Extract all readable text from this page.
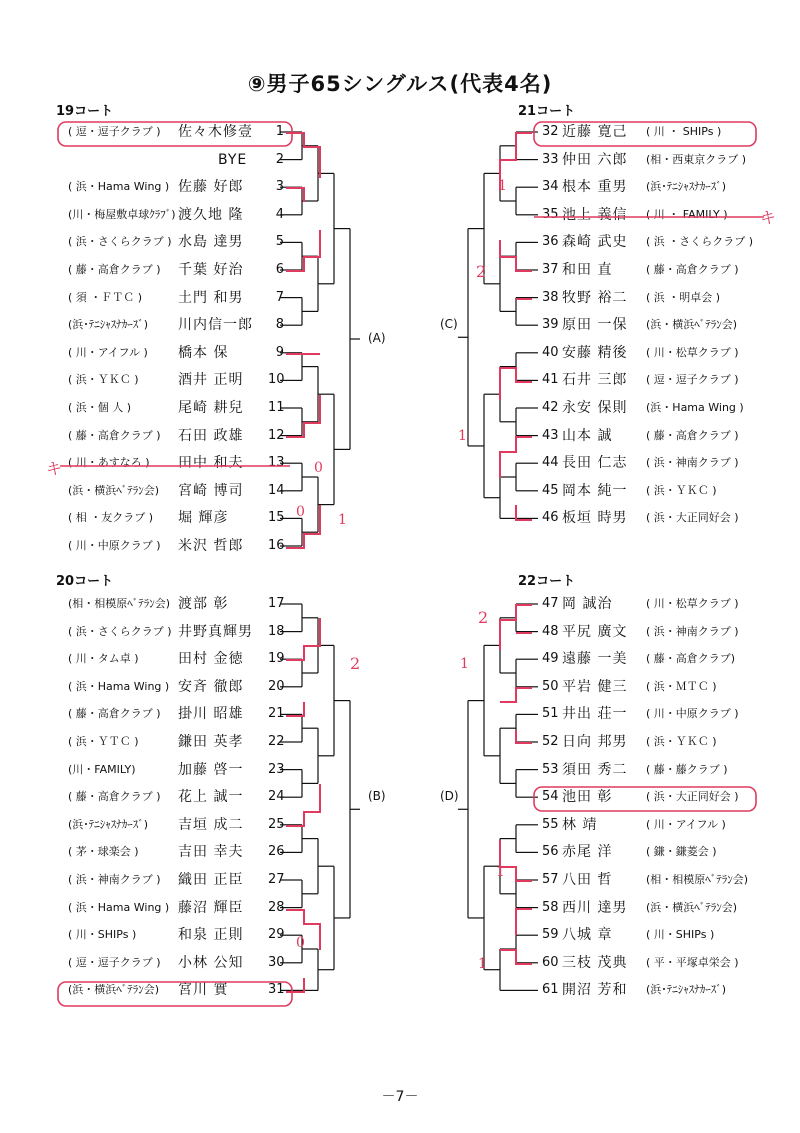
⑨男子65シングルス(代表4名)
19コート
( 逗・逗子クラブ ) 佐々木修壹	1
BYE	2
( 浜・Hama Wing ) 佐藤 好郎	3
(川・梅屋敷卓球ｸﾗﾌﾞ) 渡久地 隆	4
( 浜・さくらクラブ ) 水島 達男	5
( 藤・高倉クラブ ) 千葉 好治	6
( 須 ・ＦＴＣ )	土門 和男	7
(浜･ﾃﾆｼｬｽﾅｶｰｽﾞ) 川内信一郎	8
( 川・アイフル ) 橋本 保	9
( 浜・ＹＫＣ )	酒井 正明 10
( 浜・個 人 )	尾崎 耕兒 11
( 藤・高倉クラブ ) 石田 政雄 12
( 川・あすなろ ) 田中 和夫 13
(浜・横浜ﾍﾞﾃﾗﾝ会) 宮崎 博司 14
( 相 ・友クラブ ) 堀 輝彦	15
( 川・中原クラブ ) 米沢 哲郎 16
(A)
20コート
(相・相模原ﾍﾞﾃﾗﾝ会) 渡部 彰	17
( 浜・さくらクラブ ) 井野真輝男 18
( 川・タム卓 )	田村 金徳 19
( 浜・Hama Wing ) 安斉 徹郎 20
( 藤・高倉クラブ ) 掛川 昭雄 21
( 浜・ＹＴＣ )	鎌田 英孝 22
(川・FAMILY)	加藤 啓一 23
( 藤・高倉クラブ ) 花上 誠一 24
(浜･ﾃﾆｼｬｽﾅｶｰｽﾞ) 吉垣 成二 25
( 茅・球楽会 )	吉田 幸夫 26
( 浜・神南クラブ ) 織田 正臣 27
( 浜・Hama Wing ) 藤沼 輝臣 28
( 川・SHIPs )	和泉 正則 29
( 逗・逗子クラブ ) 小林 公知 30
(浜・横浜ﾍﾞﾃﾗﾝ会) 宮川 實	31
(B)
21コート
32 近藤 寛己 ( 川 ・ SHIPs )
33 仲田 六郎 (相・西東京クラブ )
34 根本 重男 (浜･ﾃﾆｼｬｽﾅｶｰｽﾞ)
35 池上 義信 ( 川 ・ FAMILY )
36 森崎 武史 ( 浜 ・さくらクラブ )
37 和田 直	( 藤・高倉クラブ )
38 牧野 裕二 ( 浜 ・明卓会 )
39 原田 一保 (浜・横浜ﾍﾞﾃﾗﾝ会)
40 安藤 精後 ( 川・松草クラブ )
41 石井 三郎 ( 逗・逗子クラブ )
42 永安 保則 (浜・Hama Wing )
43 山本 誠	( 藤・高倉クラブ )
44 長田 仁志 ( 浜・神南クラブ )
45 岡本 純一 ( 浜・ＹＫＣ )
46 板垣 時男 ( 浜・大正同好会 )
(C)
22コート
47 岡 誠治	( 川・松草クラブ )
48 平尻 廣文 ( 浜・神南クラブ )
49 遠藤 一美 ( 藤・高倉クラブ)
50 平岩 健三 ( 浜・ＭＴＣ )
51 井出 荘一 ( 川・中原クラブ )
52 日向 邦男 ( 浜・ＹＫＣ )
53 須田 秀二 ( 藤・藤クラブ )
54 池田 彰	( 浜・大正同好会 )
55 林 靖	( 川・アイフル )
56 赤尾 洋	( 鎌・鎌菱会 )
57 八田 哲	(相・相模原ﾍﾞﾃﾗﾝ会)
58 西川 達男 (浜・横浜ﾍﾞﾃﾗﾝ会)
59 八城 章	( 川・SHIPs )
60 三枝 茂典 ( 平・平塚卓栄会 )
61 開沼 芳和 (浜･ﾃﾆｼｬｽﾅｶｰｽﾞ)
(D)
0
0 1
2
0
1
2
1
キ
2
1
1
1
キ
－7－
